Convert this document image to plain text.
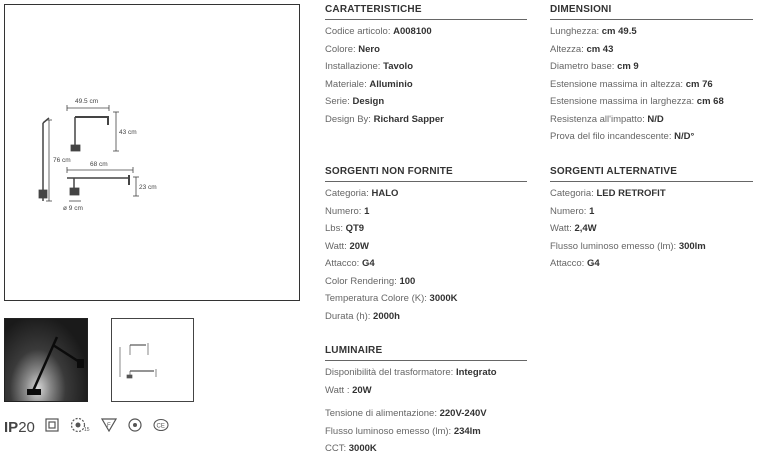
49.5 cm
43 cm
76 cm
68 cm
23 cm
ø 9 cm
IP20	15
F	CE
CARATTERISTICHE
Codice articolo: A008100
Colore: Nero
Installazione: Tavolo
Materiale: Alluminio
Serie: Design
Design By: Richard Sapper
DIMENSIONI
Lunghezza: cm 49.5
Altezza: cm 43
Diametro base: cm 9
Estensione massima in altezza: cm 76
Estensione massima in larghezza: cm 68
Resistenza all'impatto: N/D
Prova del filo incandescente: N/D°
SORGENTI NON FORNITE
Categoria: HALO
Numero: 1
Lbs: QT9
Watt: 20W
Attacco: G4
Color Rendering: 100
Temperatura Colore (K): 3000K
Durata (h): 2000h
SORGENTI ALTERNATIVE
Categoria: LED RETROFIT
Numero: 1
Watt: 2,4W
Flusso luminoso emesso (lm): 300lm
Attacco: G4
LUMINAIRE
Disponibilità del trasformatore: Integrato
Watt : 20W
Tensione di alimentazione: 220V-240V
Flusso luminoso emesso (lm): 234lm
CCT: 3000K
